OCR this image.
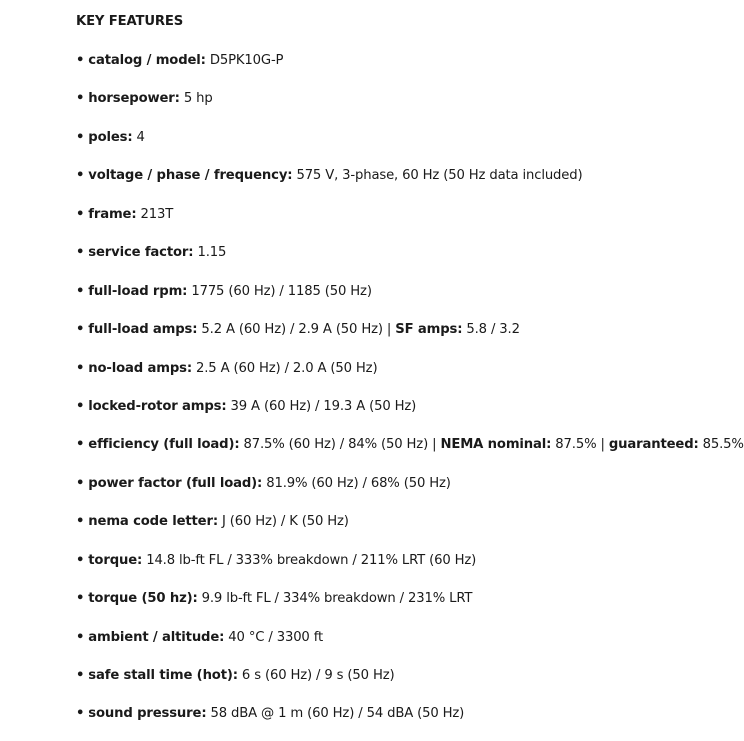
KEY FEATURES
• catalog / model: D5PK10G-P
• horsepower: 5 hp
• poles: 4
• voltage / phase / frequency: 575 V, 3-phase, 60 Hz (50 Hz data included)
• frame: 213T
• service factor: 1.15
• full-load rpm: 1775 (60 Hz) / 1185 (50 Hz)
• full-load amps: 5.2 A (60 Hz) / 2.9 A (50 Hz) | SF amps: 5.8 / 3.2
• no-load amps: 2.5 A (60 Hz) / 2.0 A (50 Hz)
• locked-rotor amps: 39 A (60 Hz) / 19.3 A (50 Hz)
• efficiency (full load): 87.5% (60 Hz) / 84% (50 Hz) | NEMA nominal: 87.5% | guaranteed: 85.5%
• power factor (full load): 81.9% (60 Hz) / 68% (50 Hz)
• nema code letter: J (60 Hz) / K (50 Hz)
• torque: 14.8 lb-ft FL / 333% breakdown / 211% LRT (60 Hz)
• torque (50 hz): 9.9 lb-ft FL / 334% breakdown / 231% LRT
• ambient / altitude: 40 °C / 3300 ft
• safe stall time (hot): 6 s (60 Hz) / 9 s (50 Hz)
• sound pressure: 58 dBA @ 1 m (60 Hz) / 54 dBA (50 Hz)
